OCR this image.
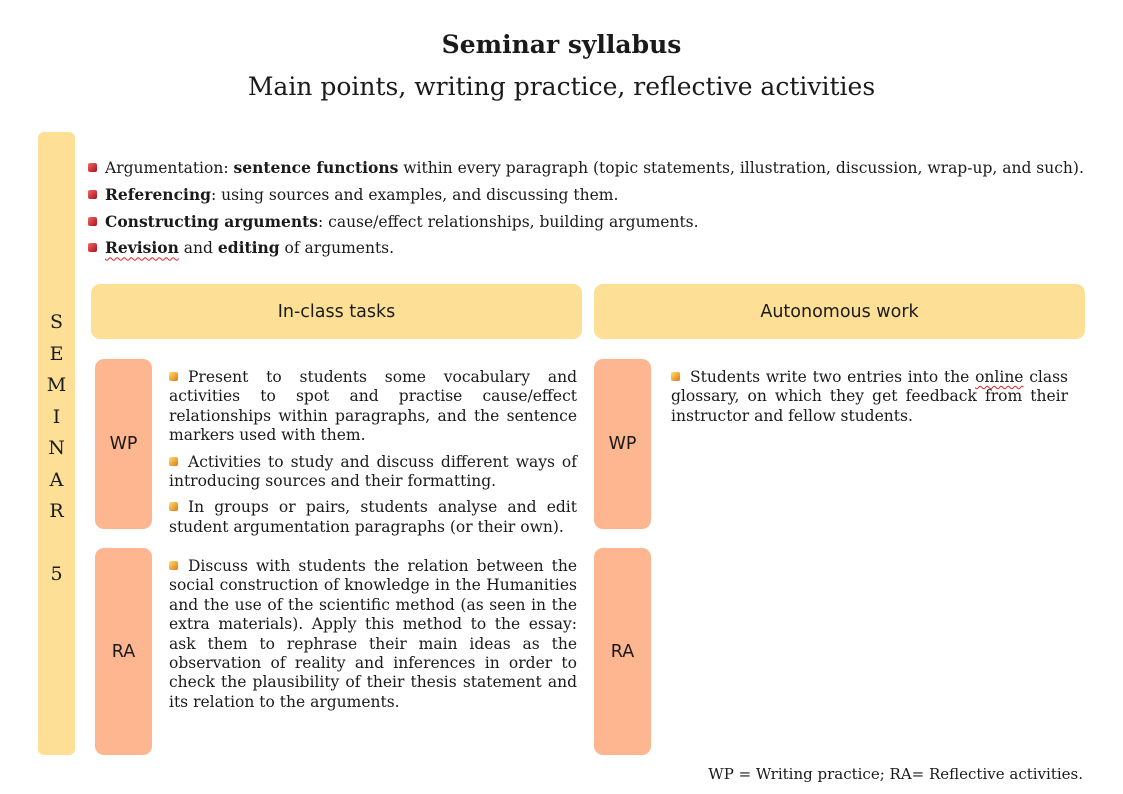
Seminar syllabus
Main points, writing practice, reflective activities
S
E
M
I
N
A
R
5
Argumentation: sentence functions within every paragraph (topic statements, illustration, discussion, wrap-up, and such).
Referencing: using sources and examples, and discussing them.
Constructing arguments: cause/effect relationships, building arguments.
Revision and editing of arguments.
In-class tasks	Autonomous work
WP
RA
WP
RA

Present to students some vocabulary and activities to spot and practise cause/effect relationships within paragraphs, and the sentence markers used with them.

Activities to study and discuss different ways of introducing sources and their formatting.

In groups or pairs, students analyse and edit student argumentation paragraphs (or their own).

Discuss with students the relation between the social construction of knowledge in the Humanities and the use of the scientific method (as seen in the extra materials). Apply this method to the essay: ask them to rephrase their main ideas as the observation of reality and inferences in order to check the plausibility of their thesis statement and its relation to the arguments.

Students write two entries into the online class glossary, on which they get feedback from their instructor and fellow students.

WP = Writing practice; RA= Reflective activities.
